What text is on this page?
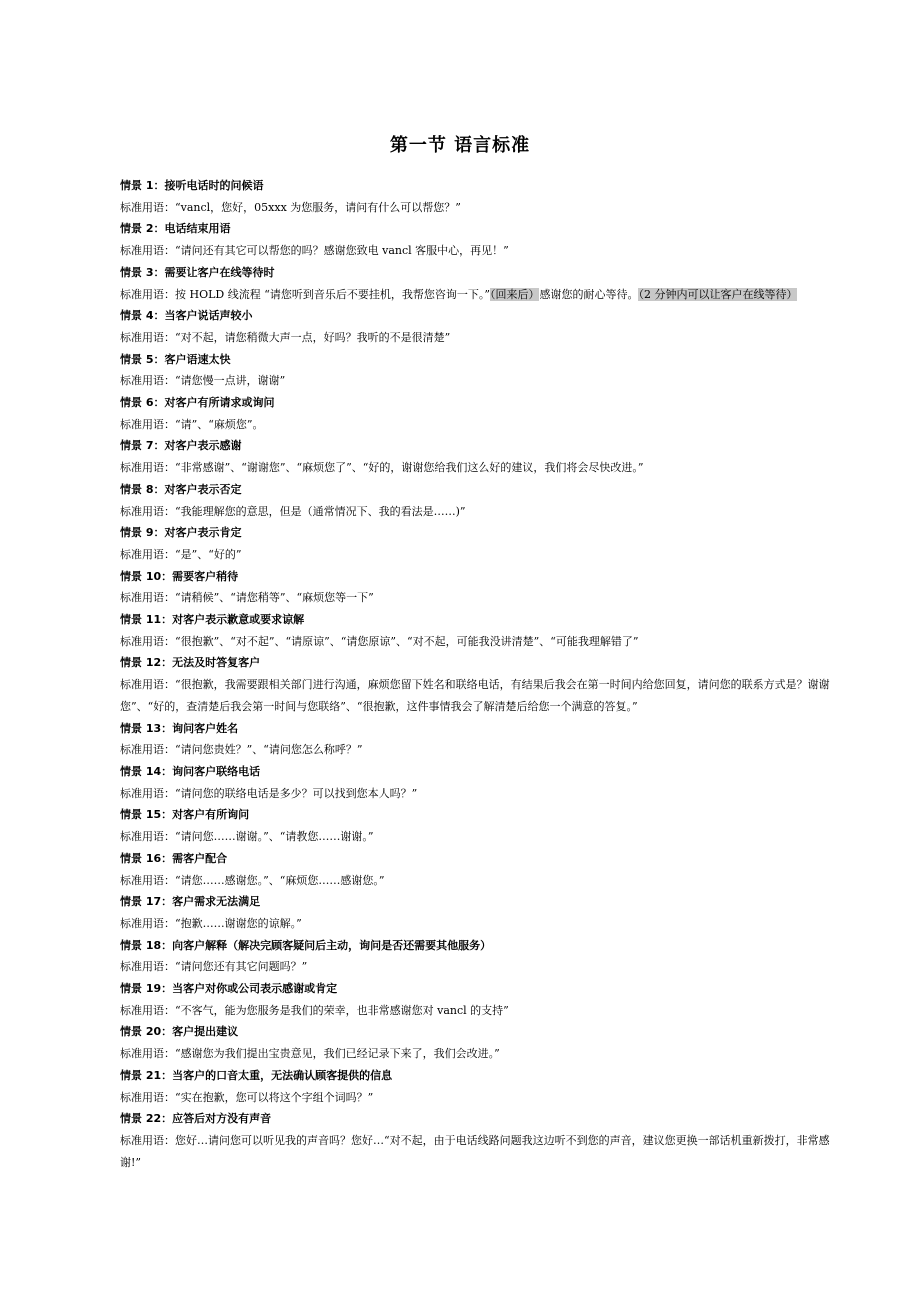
第一节 语言标准
情景 1：接听电话时的问候语
标准用语：“vancl，您好，05xxx 为您服务，请问有什么可以帮您？”
情景 2：电话结束用语
标准用语：“请问还有其它可以帮您的吗？感谢您致电 vancl 客服中心，再见！”
情景 3：需要让客户在线等待时
标准用语：按 HOLD 线流程 “请您听到音乐后不要挂机，我帮您咨询一下。”（回来后）感谢您的耐心等待。（2 分钟内可以让客户在线等待）
情景 4：当客户说话声较小
标准用语：“对不起，请您稍微大声一点，好吗？我听的不是很清楚”
情景 5：客户语速太快
标准用语：“请您慢一点讲，谢谢”
情景 6：对客户有所请求或询问
标准用语：“请”、“麻烦您”。
情景 7：对客户表示感谢
标准用语：“非常感谢”、“谢谢您”、“麻烦您了”、“好的，谢谢您给我们这么好的建议，我们将会尽快改进。”
情景 8：对客户表示否定
标准用语：“我能理解您的意思，但是（通常情况下、我的看法是……)”
情景 9：对客户表示肯定
标准用语：“是”、“好的”
情景 10：需要客户稍待
标准用语：“请稍候”、“请您稍等”、“麻烦您等一下”
情景 11：对客户表示歉意或要求谅解
标准用语：“很抱歉”、“对不起”、“请原谅”、“请您原谅”、“对不起，可能我没讲清楚”、“可能我理解错了”
情景 12：无法及时答复客户
标准用语：“很抱歉，我需要跟相关部门进行沟通，麻烦您留下姓名和联络电话，有结果后我会在第一时间内给您回复，请问您的联系方式是？谢谢您”、“好的，查清楚后我会第一时间与您联络”、“很抱歉，这件事情我会了解清楚后给您一个满意的答复。”
情景 13：询问客户姓名
标准用语：“请问您贵姓？”、“请问您怎么称呼？”
情景 14：询问客户联络电话
标准用语：“请问您的联络电话是多少？可以找到您本人吗？”
情景 15：对客户有所询问
标准用语：“请问您……谢谢。”、“请教您……谢谢。”
情景 16：需客户配合
标准用语：“请您……感谢您。”、“麻烦您……感谢您。”
情景 17：客户需求无法满足
标准用语：“抱歉……谢谢您的谅解。”
情景 18：向客户解释（解决完顾客疑问后主动，询问是否还需要其他服务）
标准用语：“请问您还有其它问题吗？”
情景 19：当客户对你或公司表示感谢或肯定
标准用语：“不客气，能为您服务是我们的荣幸，也非常感谢您对 vancl 的支持”
情景 20：客户提出建议
标准用语：“感谢您为我们提出宝贵意见，我们已经记录下来了，我们会改进。”
情景 21：当客户的口音太重，无法确认顾客提供的信息
标准用语：“实在抱歉，您可以将这个字组个词吗？”
情景 22：应答后对方没有声音
标准用语：您好…请问您可以听见我的声音吗？您好…“对不起，由于电话线路问题我这边听不到您的声音，建议您更换一部话机重新拨打，非常感谢!”
